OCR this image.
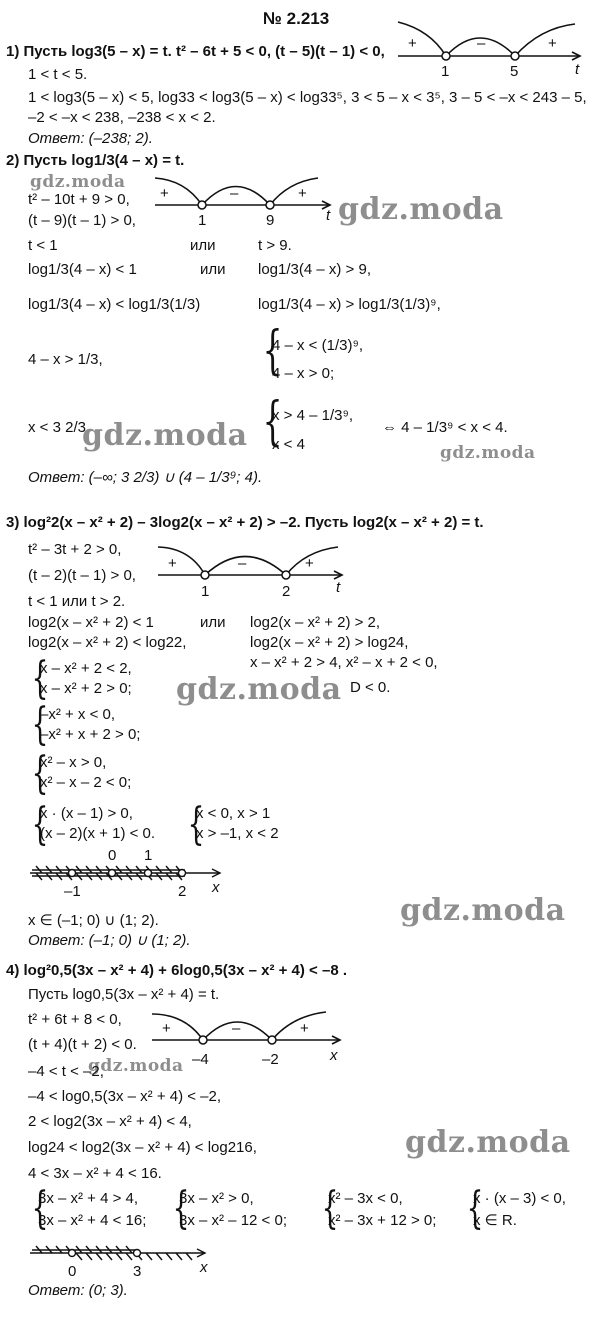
№ 2.213
1) Пусть log3(5 – x) = t. t² – 6t + 5 < 0, (t – 5)(t – 1) < 0,
1 < t < 5.
1 < log3(5 – x) < 5, log33 < log3(5 – x) < log33⁵, 3 < 5 – x < 3⁵, 3 – 5 < –x < 243 – 5,
–2 < –x < 238, –238 < x < 2.
Ответ: (–238; 2).
+	–	+
1	5	t
2) Пусть log1/3(4 – x) = t.
gdz.moda
t² – 10t + 9 > 0,
(t – 9)(t – 1) > 0,	gdz.moda
+	–	+
1	9	t
t < 1	или	t > 9.
log1/3(4 – x) < 1	или log1/3(4 – x) > 9,
log1/3(4 – x) < log1/3(1/3)	log1/3(4 – x) > log1/3(1/3)⁹,
4 – x > 1/3,	{
4 – x < (1/3)⁹,
4 – x > 0;
x < 3 2/3
gdz.moda {
x > 4 – 1/3⁹,
x < 4
⇔ 4 – 1/3⁹ < x < 4.
gdz.moda
Ответ: (–∞; 3 2/3) ∪ (4 – 1/3⁹; 4).
3) log²2(x – x² + 2) – 3log2(x – x² + 2) > –2. Пусть log2(x – x² + 2) = t.
t² – 3t + 2 > 0,
(t – 2)(t – 1) > 0,
+	–	+
1	2	t
t < 1 или t > 2.
log2(x – x² + 2) < 1	или log2(x – x² + 2) > 2,
log2(x – x² + 2) < log22,	log2(x – x² + 2) > log24,
x – x² + 2 > 4, x² – x + 2 < 0,
D < 0.
gdz.moda
{
x – x² + 2 < 2,
x – x² + 2 > 0;
{
–x² + x < 0,
–x² + x + 2 > 0;
{
x² – x > 0,
x² – x – 2 < 0;
{
x · (x – 1) > 0,
(x – 2)(x + 1) < 0. {
x < 0, x > 1
x > –1, x < 2
0 1
–1	2 x
gdz.moda
x ∈ (–1; 0) ∪ (1; 2).
Ответ: (–1; 0) ∪ (1; 2).
4) log²0,5(3x – x² + 4) + 6log0,5(3x – x² + 4) < –8 .
Пусть log0,5(3x – x² + 4) = t.
t² + 6t + 8 < 0,
(t + 4)(t + 2) < 0.
+	–	+
–4	–2	x
gdz.moda
–4 < t < –2,
–4 < log0,5(3x – x² + 4) < –2,
2 < log2(3x – x² + 4) < 4,
log24 < log2(3x – x² + 4) < log216,
4 < 3x – x² + 4 < 16.
gdz.moda
{
3x – x² + 4 > 4,
3x – x² + 4 < 16; {
3x – x² > 0,
3x – x² – 12 < 0; {
x² – 3x < 0,
x² – 3x + 12 > 0; {
x · (x – 3) < 0,
x ∈ R.
0	3	x
Ответ: (0; 3).
